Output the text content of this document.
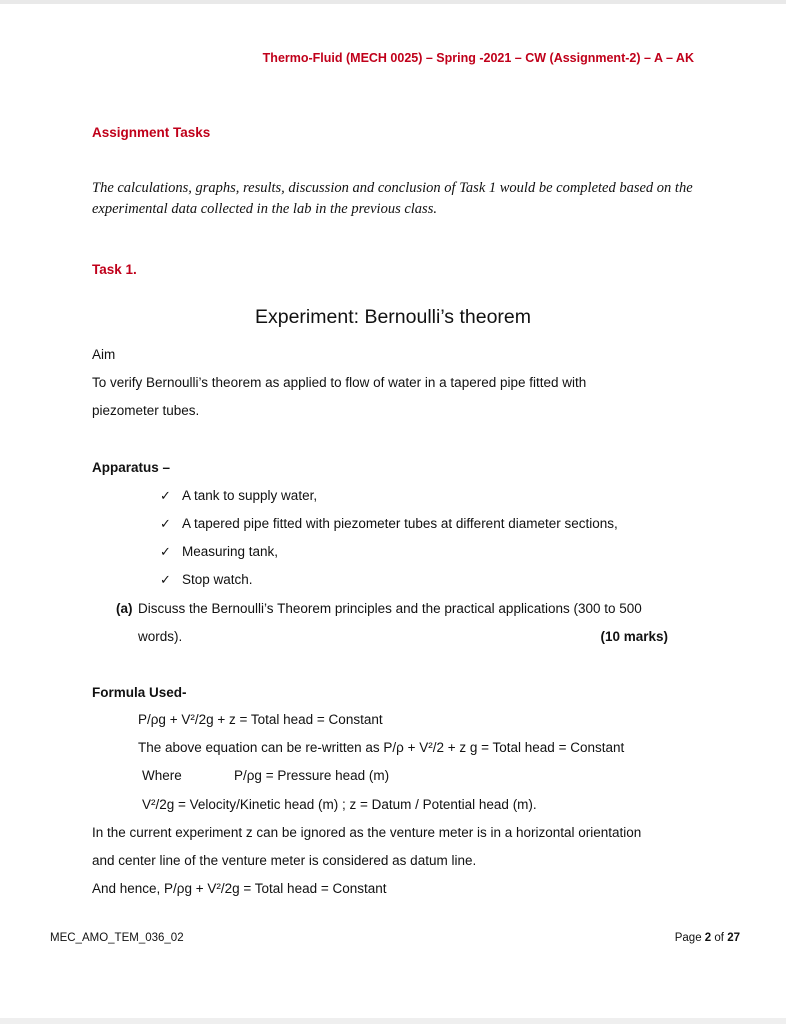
Thermo-Fluid (MECH 0025) – Spring -2021 – CW (Assignment-2) – A – AK
Assignment Tasks
The calculations, graphs, results, discussion and conclusion of Task 1 would be completed based on the experimental data collected in the lab in the previous class.
Task 1.
Experiment: Bernoulli’s theorem
Aim
To verify Bernoulli’s theorem as applied to flow of water in a tapered pipe fitted with
piezometer tubes.
Apparatus –
✓ A tank to supply water,
✓ A tapered pipe fitted with piezometer tubes at different diameter sections,
✓ Measuring tank,
✓ Stop watch.
(a) Discuss the Bernoulli’s Theorem principles and the practical applications (300 to 500
words).	(10 marks)
Formula Used-
P/ρg + V²/2g + z = Total head = Constant
The above equation can be re-written as P/ρ + V²/2 + z g = Total head = Constant
Where	P/ρg = Pressure head (m)
V²/2g = Velocity/Kinetic head (m) ; z = Datum / Potential head (m).
In the current experiment z can be ignored as the venture meter is in a horizontal orientation
and center line of the venture meter is considered as datum line.
And hence, P/ρg + V²/2g = Total head = Constant
MEC_AMO_TEM_036_02	Page 2 of 27
